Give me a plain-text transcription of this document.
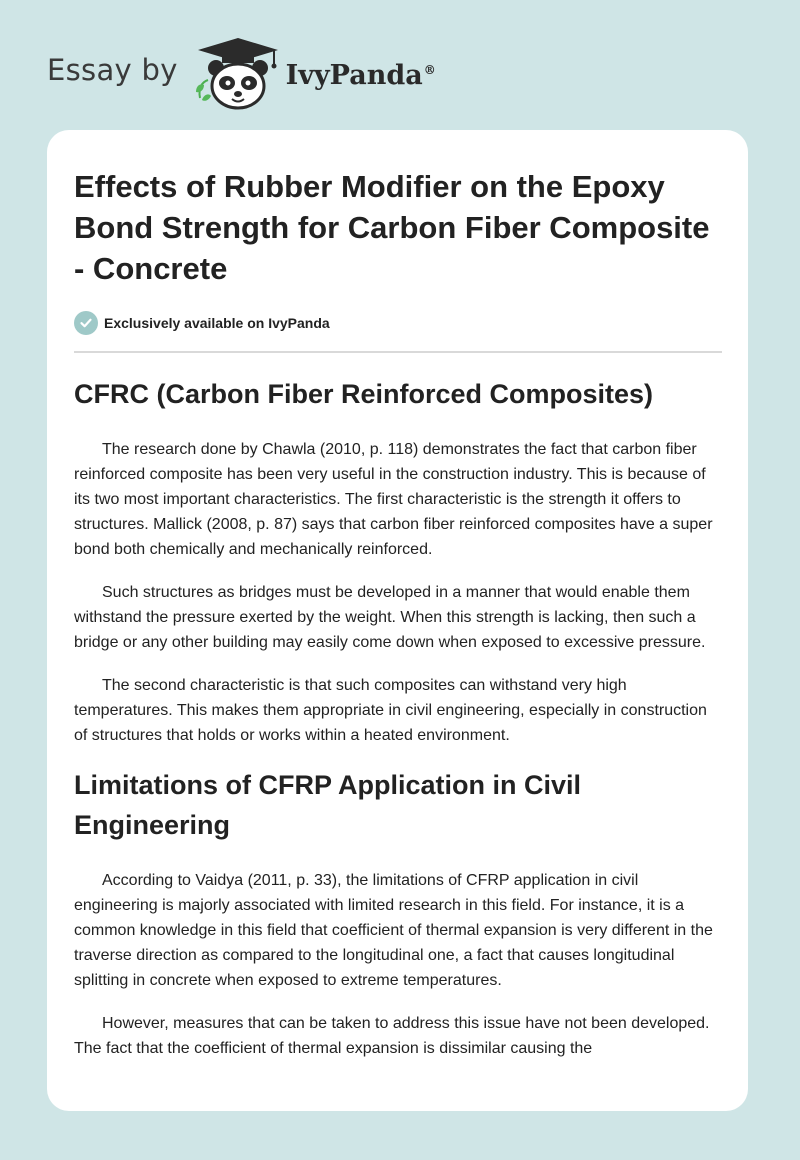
Essay by	IvyPanda®
Effects of Rubber Modifier on the Epoxy Bond Strength for Carbon Fiber Composite - Concrete
Exclusively available on IvyPanda
CFRC (Carbon Fiber Reinforced Composites)

The research done by Chawla (2010, p. 118) demonstrates the fact that carbon fiber reinforced composite has been very useful in the construction industry. This is because of its two most important characteristics. The first characteristic is the strength it offers to structures. Mallick (2008, p. 87) says that carbon fiber reinforced composites have a super bond both chemically and mechanically reinforced.

Such structures as bridges must be developed in a manner that would enable them withstand the pressure exerted by the weight. When this strength is lacking, then such a bridge or any other building may easily come down when exposed to excessive pressure.

The second characteristic is that such composites can withstand very high temperatures. This makes them appropriate in civil engineering, especially in construction of structures that holds or works within a heated environment.

Limitations of CFRP Application in Civil Engineering

According to Vaidya (2011, p. 33), the limitations of CFRP application in civil engineering is majorly associated with limited research in this field. For instance, it is a common knowledge in this field that coefficient of thermal expansion is very different in the traverse direction as compared to the longitudinal one, a fact that causes longitudinal splitting in concrete when exposed to extreme temperatures.

However, measures that can be taken to address this issue have not been developed. The fact that the coefficient of thermal expansion is dissimilar causing the
